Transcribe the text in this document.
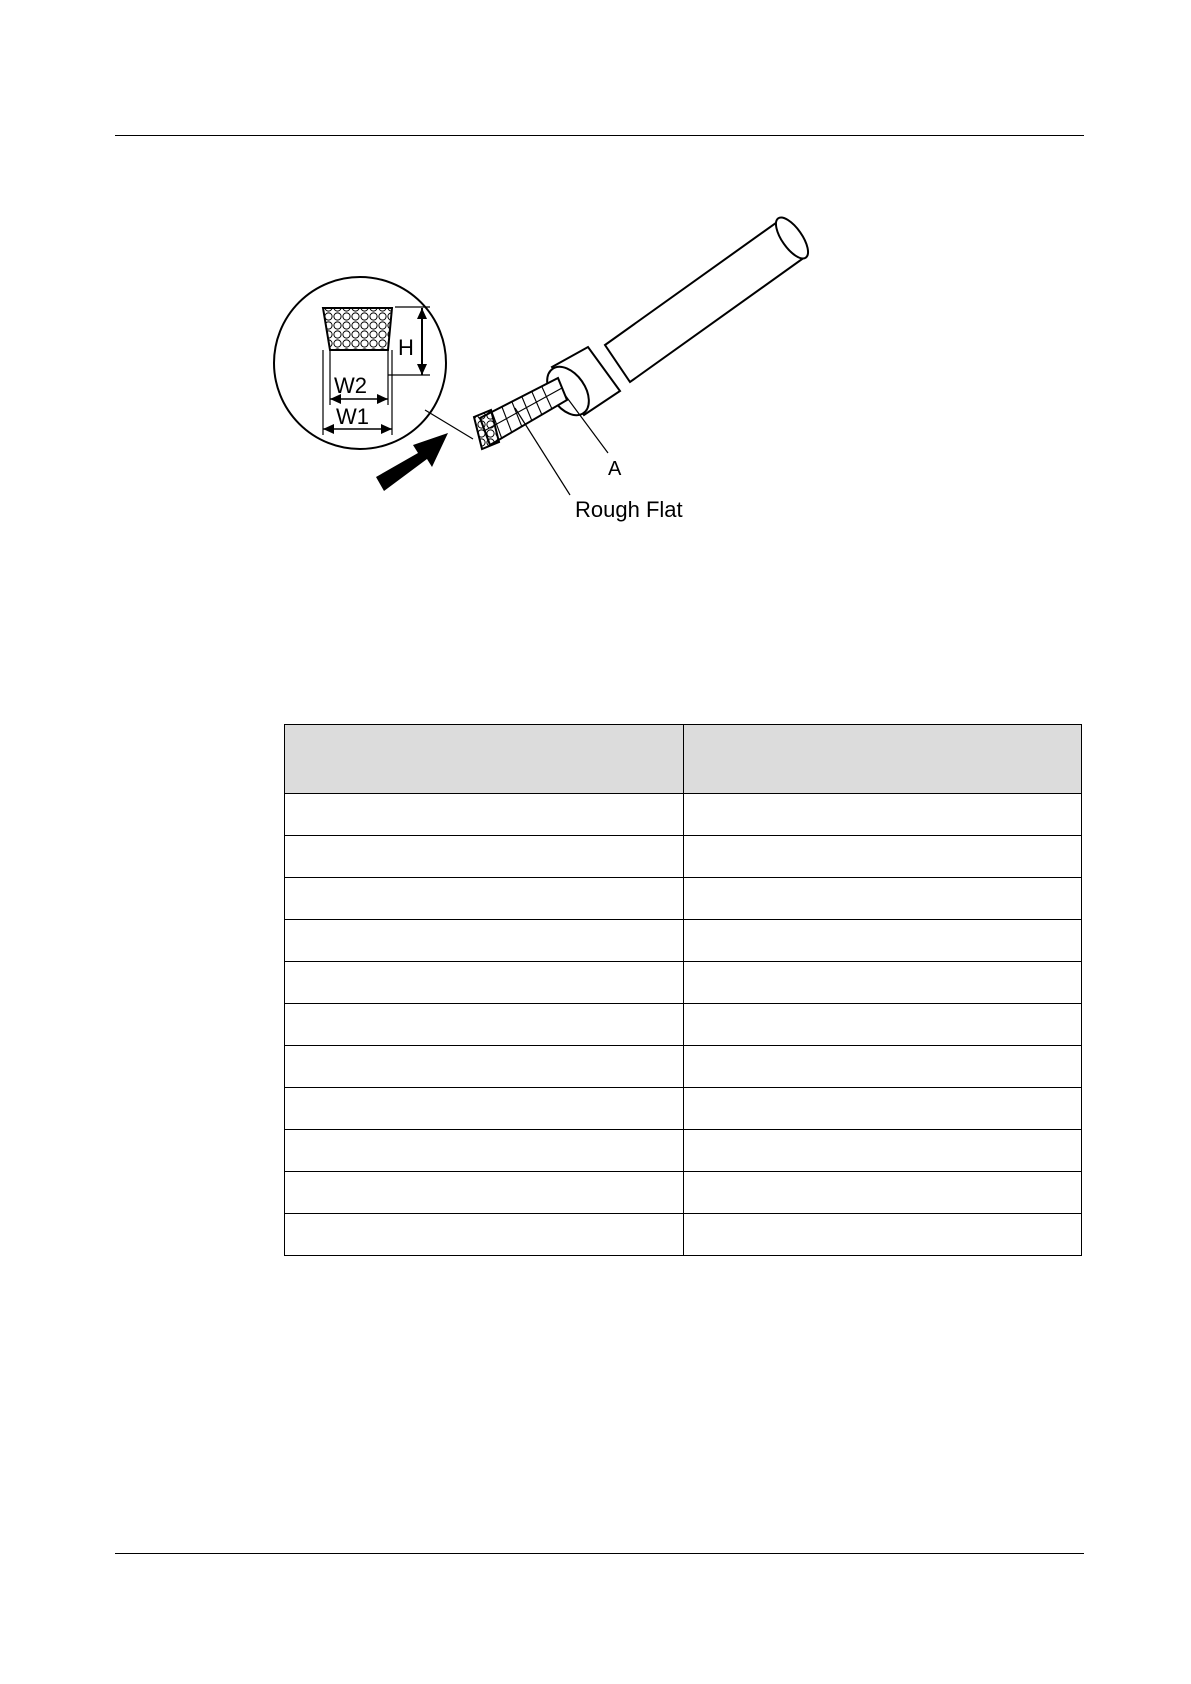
H
W2
W1
A
Rough Flat
